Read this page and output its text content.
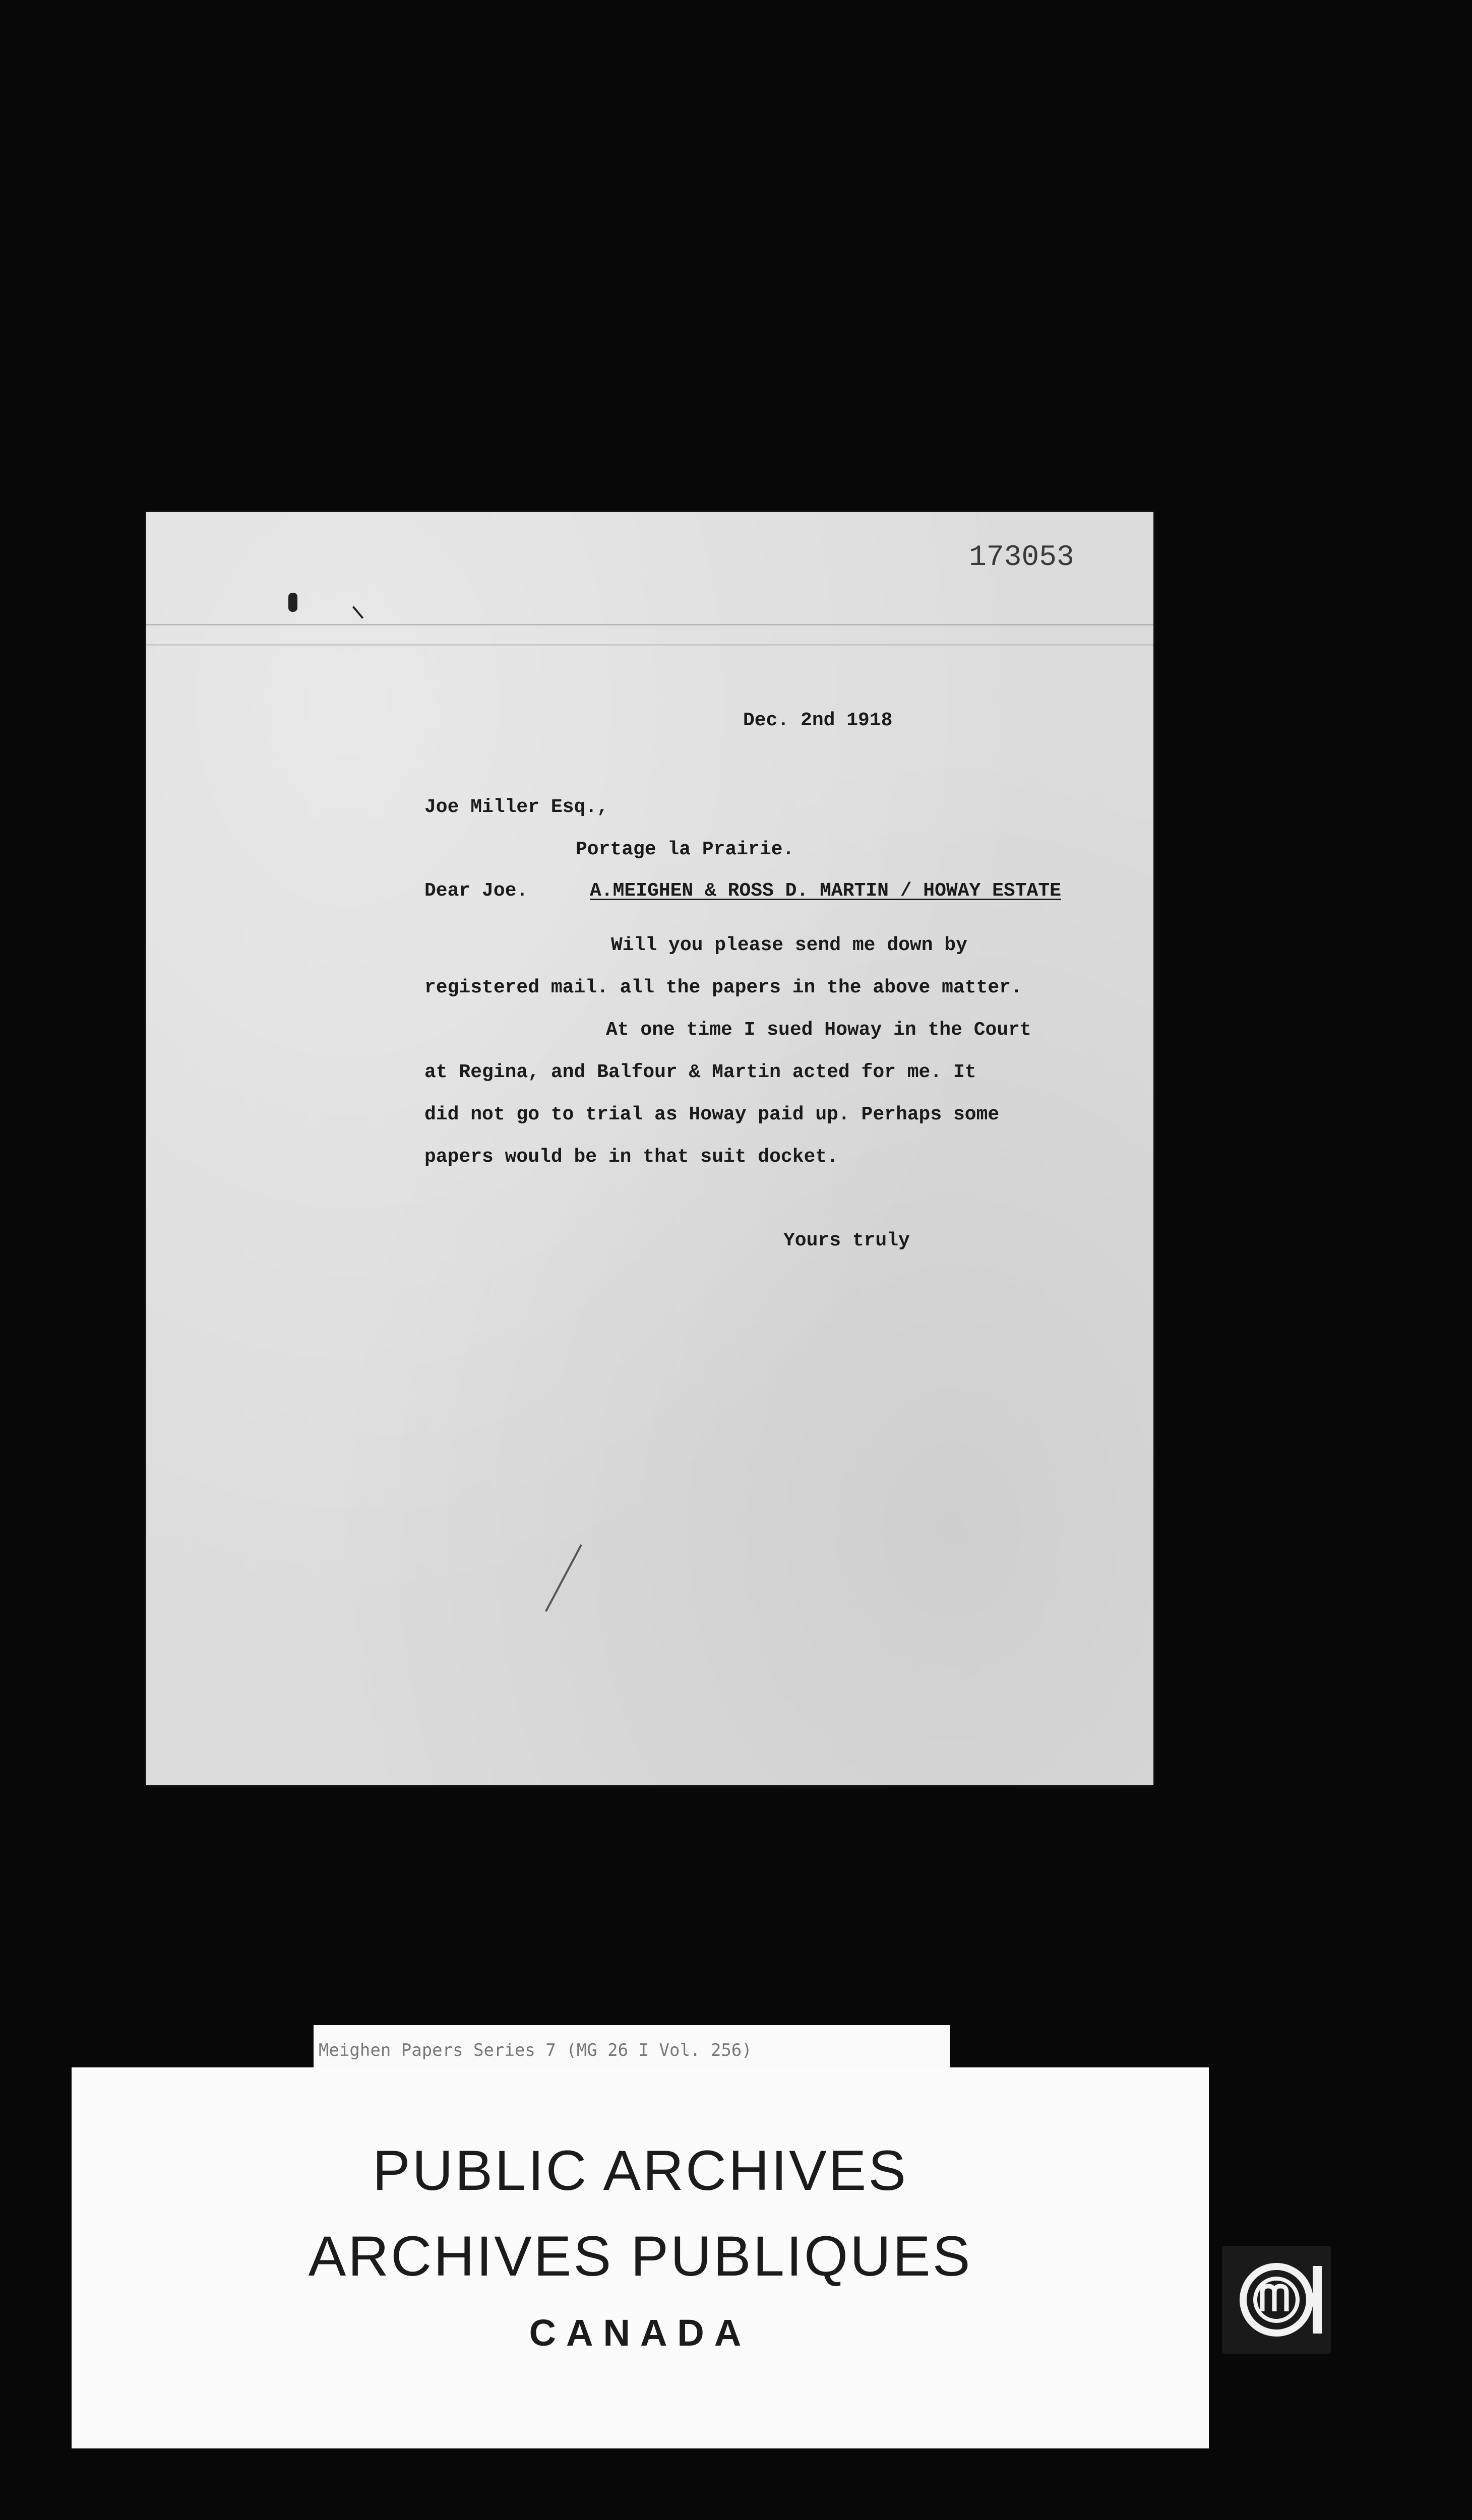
173053
Dec. 2nd 1918
Joe Miller Esq.,
Portage la Prairie.
Dear Joe.	A.MEIGHEN & ROSS D. MARTIN / HOWAY ESTATE
Will you please send me down by
registered mail. all the papers in the above matter.
At one time I sued Howay in the Court
at Regina, and Balfour & Martin acted for me. It
did not go to trial as Howay paid up. Perhaps some
papers would be in that suit docket.
Yours truly
Meighen Papers Series 7 (MG 26 I Vol. 256)
PUBLIC ARCHIVES
ARCHIVES PUBLIQUES
CANADA
